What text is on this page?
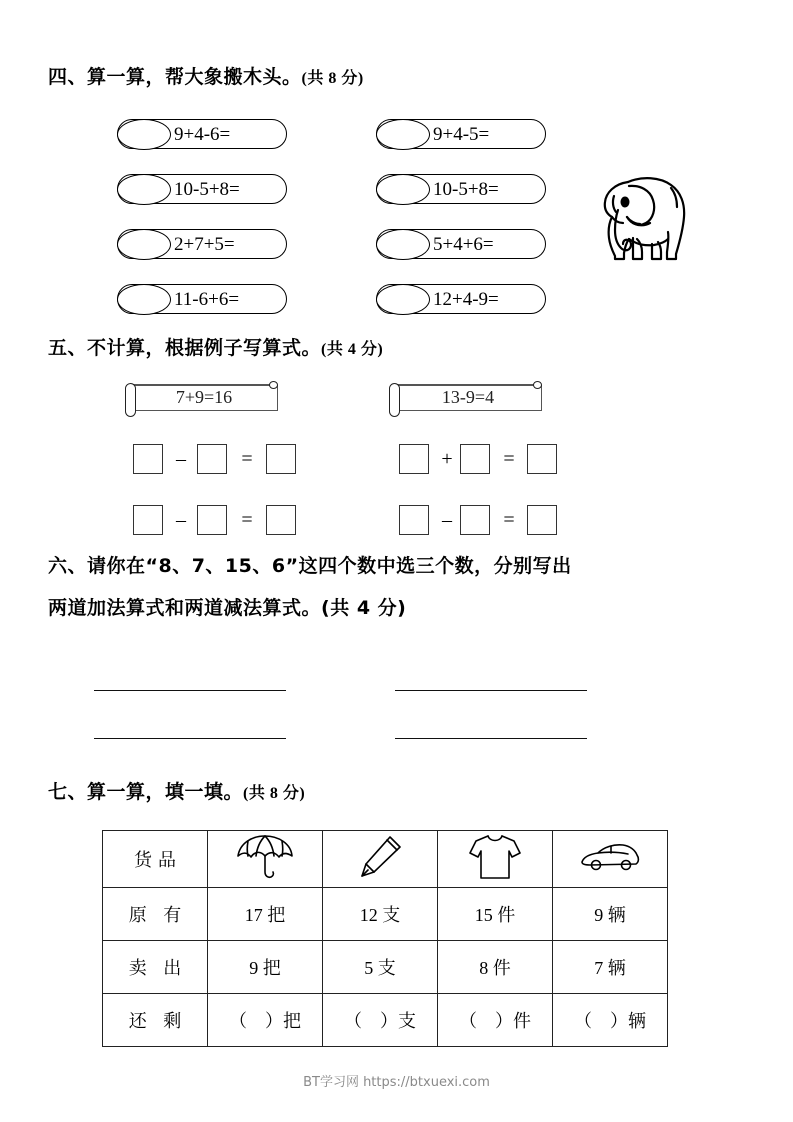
四、算一算，帮大象搬木头。(共 8 分)
9+4-6=
10-5+8=
2+7+5=
11-6+6=
9+4-5=
10-5+8=
5+4+6=
12+4-9=
五、不计算，根据例子写算式。(共 4 分)
7+9=16	13-9=4
–	=	+	=
–	=	–	=
六、请你在“8、7、15、6”这四个数中选三个数，分别写出
两道加法算式和两道减法算式。(共 4 分)
七、算一算，填一填。(共 8 分)
货品				
原 有	17 把	12 支	15 件	9 辆
卖 出	9 把	5 支	8 件	7 辆
还 剩	（　）把	（　）支	（　）件	（　）辆
BT学习网 https://btxuexi.com
